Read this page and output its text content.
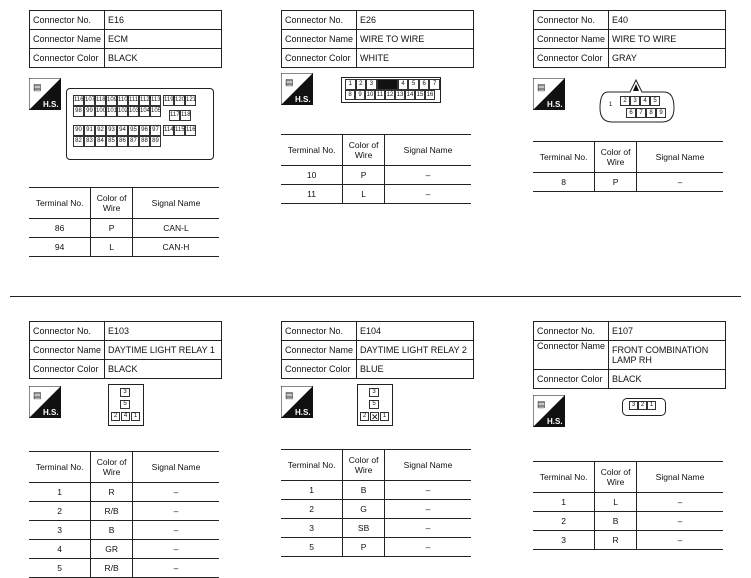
Connector No.	E16
Connector Name	ECM
Connector Color	BLACK
▤
H.S.	116 107 118 109 110 111 112 113
98 99 100 101 102 103 104 105
90 91 92 93 94 95 96 97
82 83 84 85 86 87 88 89
119 120 121
117 118
114 115 116
Terminal No.	Color of
Wire	Signal Name
86	P	CAN-L
94	L	CAN-H
Connector No.	E26
Connector Name	WIRE TO WIRE
Connector Color	WHITE
▤
H.S.
1	2	3	4	5	6	7
8	9 10 11 12 13 14 15 16
Terminal No.	Color of
Wire	Signal Name
10	P	–
11	L	–
Connector No.	E40
Connector Name	WIRE TO WIRE
Connector Color	GRAY
▤
H.S.	1
2	3	4	5
6	7	8	9
Terminal No.	Color of
Wire	Signal Name
8	P	–
Connector No.	E103
Connector Name	DAYTIME LIGHT RELAY 1
Connector Color	BLACK
▤
H.S.
3
5
2	4	1
Terminal No.	Color of
Wire	Signal Name
1	R	–
2	R/B	–
3	B	–
4	GR	–
5	R/B	–
Connector No.	E104
Connector Name	DAYTIME LIGHT RELAY 2
Connector Color	BLUE
▤
H.S.
3
5
2 ✕ 1
Terminal No.	Color of
Wire	Signal Name
1	B	–
2	G	–
3	SB	–
5	P	–
Connector No.	E107
Connector Name	FRONT COMBINATION LAMP RH
Connector Color	BLACK
▤
H.S.
3 2 1
Terminal No.	Color of
Wire	Signal Name
1	L	–
2	B	–
3	R	–
